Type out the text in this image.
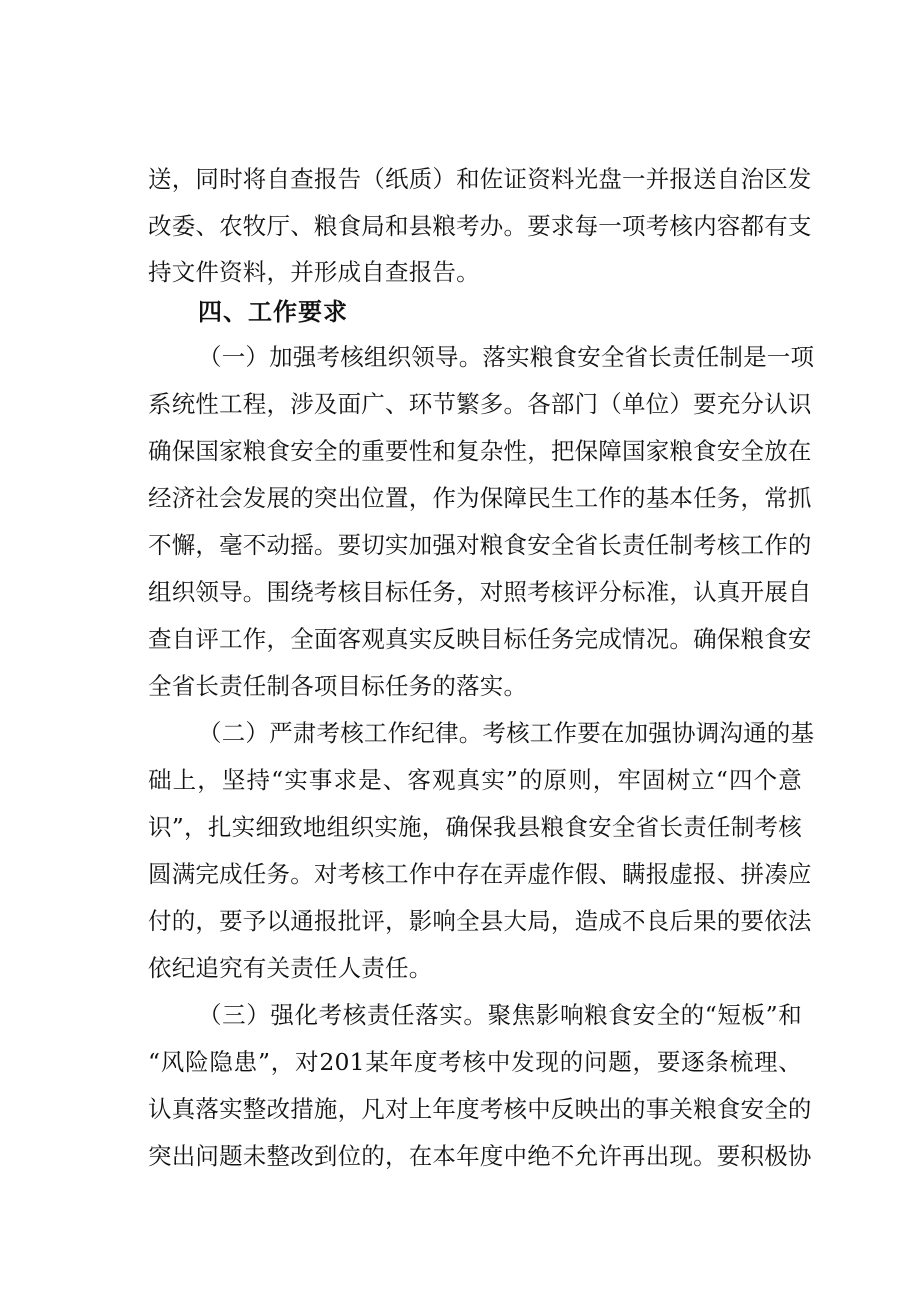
送，同时将自查报告（纸质）和佐证资料光盘一并报送自治区发
改委、农牧厅、粮食局和县粮考办。要求每一项考核内容都有支
持文件资料，并形成自查报告。
四、工作要求
（一）加强考核组织领导。落实粮食安全省长责任制是一项
系统性工程，涉及面广、环节繁多。各部门（单位）要充分认识
确保国家粮食安全的重要性和复杂性，把保障国家粮食安全放在
经济社会发展的突出位置，作为保障民生工作的基本任务，常抓
不懈，毫不动摇。要切实加强对粮食安全省长责任制考核工作的
组织领导。围绕考核目标任务，对照考核评分标准，认真开展自
查自评工作，全面客观真实反映目标任务完成情况。确保粮食安
全省长责任制各项目标任务的落实。
（二）严肃考核工作纪律。考核工作要在加强协调沟通的基
础上，坚持“实事求是、客观真实”的原则，牢固树立“四个意
识”，扎实细致地组织实施，确保我县粮食安全省长责任制考核
圆满完成任务。对考核工作中存在弄虚作假、瞒报虚报、拼凑应
付的，要予以通报批评，影响全县大局，造成不良后果的要依法
依纪追究有关责任人责任。
（三）强化考核责任落实。聚焦影响粮食安全的“短板”和
“风险隐患”，对201某年度考核中发现的问题，要逐条梳理、
认真落实整改措施，凡对上年度考核中反映出的事关粮食安全的
突出问题未整改到位的，在本年度中绝不允许再出现。要积极协
